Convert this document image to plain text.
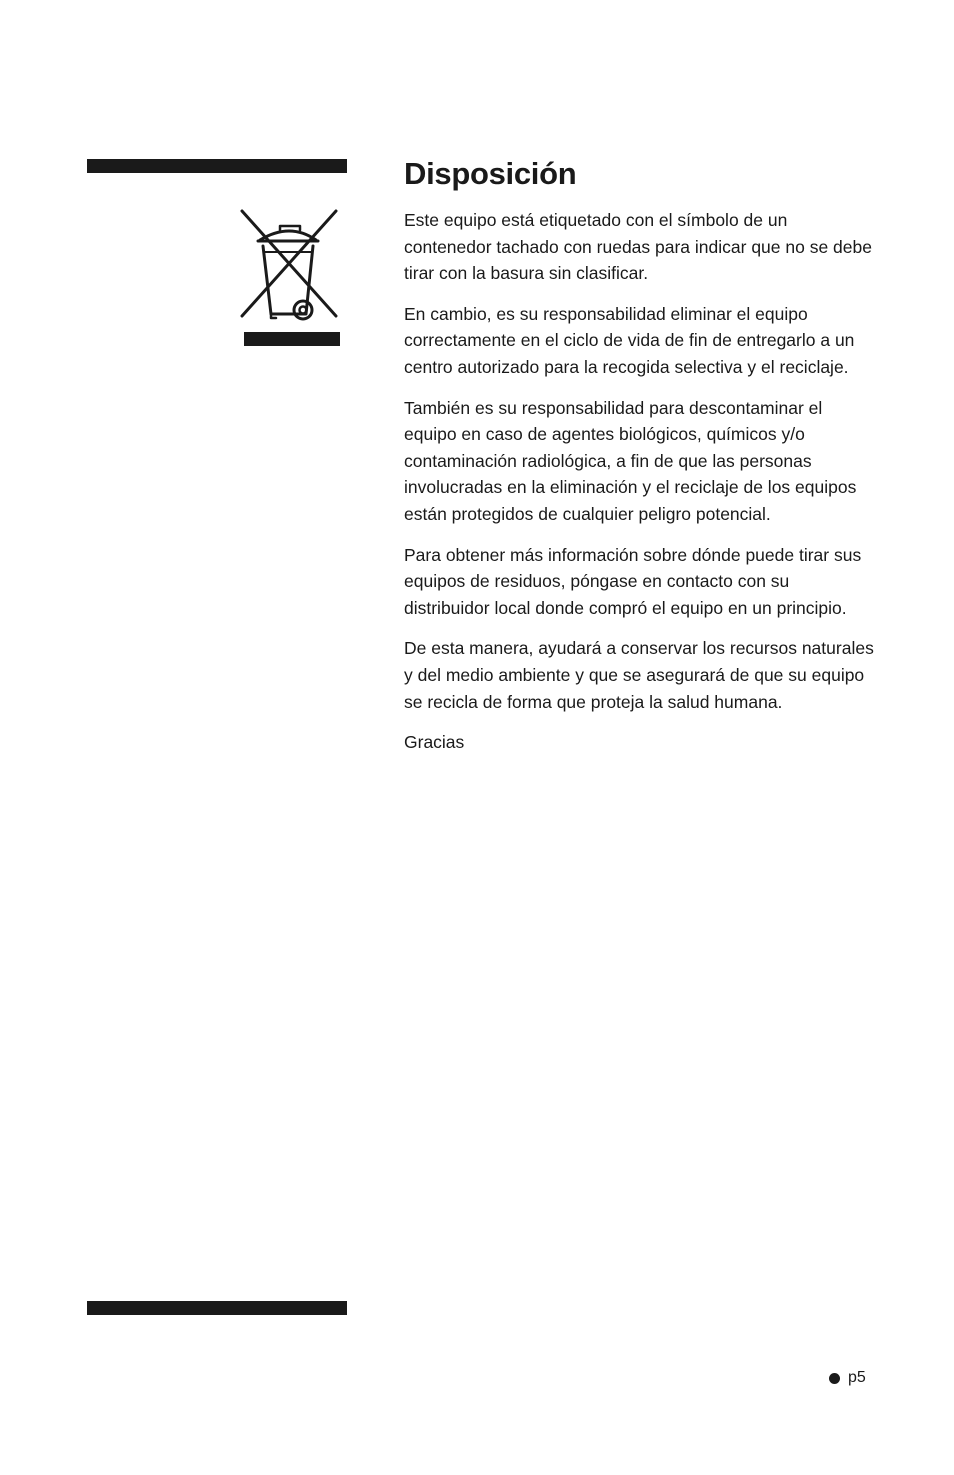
Disposición

Este equipo está etiquetado con el símbolo de un contenedor tachado con ruedas para indicar que no se debe tirar con la basura sin clasificar.

En cambio, es su responsabilidad eliminar el equipo correctamente en el ciclo de vida de fin de entregarlo a un centro autorizado para la recogida selectiva y el reciclaje.

También es su responsabilidad para descontaminar el equipo en caso de agentes biológicos, químicos y/o contaminación radiológica, a fin de que las personas involucradas en la eliminación y el reciclaje de los equipos están protegidos de cualquier peligro potencial.

Para obtener más información sobre dónde puede tirar sus equipos de residuos, póngase en contacto con su distribuidor local donde compró el equipo en un principio.

De esta manera, ayudará a conservar los recursos naturales y del medio ambiente y que se asegurará de que su equipo se recicla de forma que proteja la salud humana.

Gracias

p5
